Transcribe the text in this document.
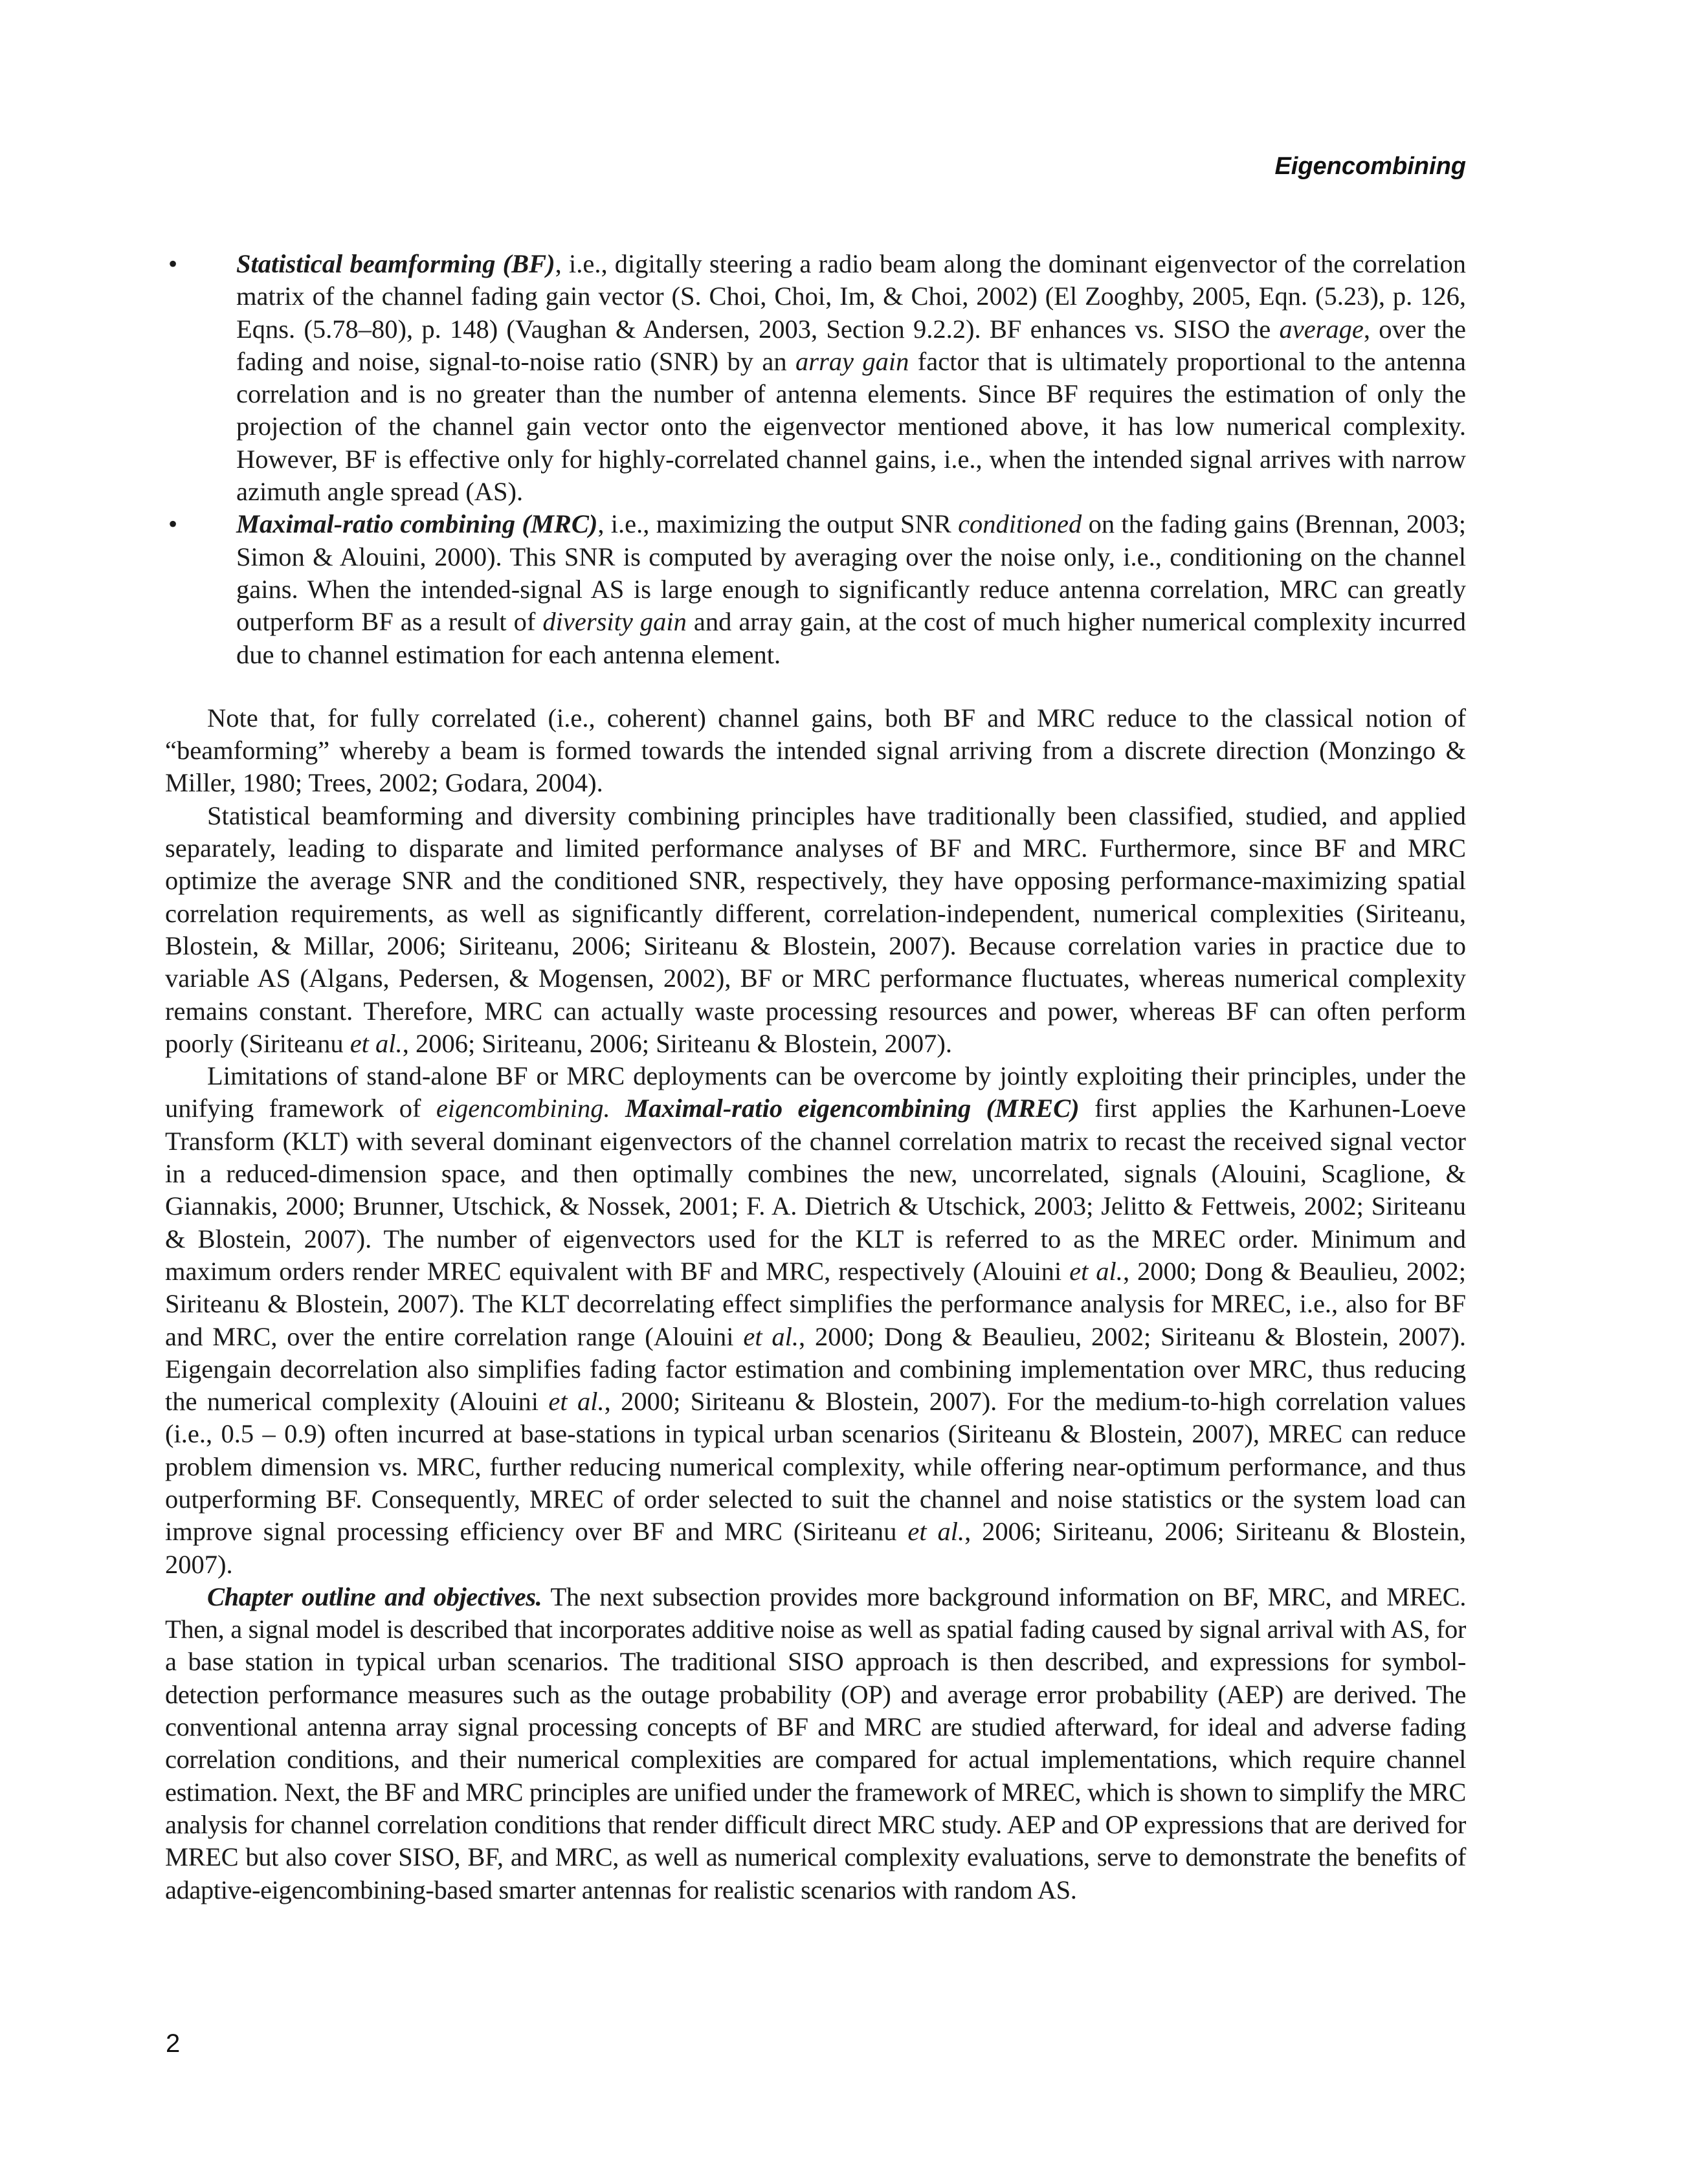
Eigencombining
• Statistical beamforming (BF), i.e., digitally steering a radio beam along the dominant eigenvector of the correlation matrix of the channel fading gain vector (S. Choi, Choi, Im, & Choi, 2002) (El Zooghby, 2005, Eqn. (5.23), p. 126, Eqns. (5.78–80), p. 148) (Vaughan & Andersen, 2003, Section 9.2.2). BF enhances vs. SISO the average, over the fading and noise, signal-to-noise ratio (SNR) by an array gain factor that is ultimately proportional to the antenna correlation and is no greater than the number of antenna elements. Since BF requires the estimation of only the projection of the channel gain vector onto the eigenvector mentioned above, it has low numerical complexity. However, BF is effective only for highly-correlated channel gains, i.e., when the intended signal arrives with narrow azimuth angle spread (AS).
• Maximal-ratio combining (MRC), i.e., maximizing the output SNR conditioned on the fading gains (Brennan, 2003; Simon & Alouini, 2000). This SNR is computed by averaging over the noise only, i.e., conditioning on the channel gains. When the intended-signal AS is large enough to significantly reduce antenna correlation, MRC can greatly outperform BF as a result of diversity gain and array gain, at the cost of much higher numerical complexity incurred due to channel estimation for each antenna element.

Note that, for fully correlated (i.e., coherent) channel gains, both BF and MRC reduce to the classical notion of “beamforming” whereby a beam is formed towards the intended signal arriving from a discrete direction (Monzingo & Miller, 1980; Trees, 2002; Godara, 2004).

Statistical beamforming and diversity combining principles have traditionally been classified, studied, and applied separately, leading to disparate and limited performance analyses of BF and MRC. Furthermore, since BF and MRC optimize the average SNR and the conditioned SNR, respectively, they have opposing performance-maximizing spatial correlation requirements, as well as significantly different, correlation-independent, numerical complexities (Siriteanu, Blostein, & Millar, 2006; Siriteanu, 2006; Siriteanu & Blostein, 2007). Because correlation varies in practice due to variable AS (Algans, Pedersen, & Mogensen, 2002), BF or MRC performance fluctuates, whereas numerical complexity remains constant. Therefore, MRC can actually waste processing resources and power, whereas BF can often perform poorly (Siriteanu et al., 2006; Siriteanu, 2006; Siriteanu & Blostein, 2007).

Limitations of stand-alone BF or MRC deployments can be overcome by jointly exploiting their principles, under the unifying framework of eigencombining. Maximal-ratio eigencombining (MREC) first applies the Karhunen-Loeve Transform (KLT) with several dominant eigenvectors of the channel correlation matrix to recast the received signal vector in a reduced-dimension space, and then optimally combines the new, uncorrelated, signals (Alouini, Scaglione, & Giannakis, 2000; Brunner, Utschick, & Nossek, 2001; F. A. Dietrich & Utschick, 2003; Jelitto & Fettweis, 2002; Siriteanu & Blostein, 2007). The number of eigenvectors used for the KLT is referred to as the MREC order. Minimum and maximum orders render MREC equivalent with BF and MRC, respectively (Alouini et al., 2000; Dong & Beaulieu, 2002; Siriteanu & Blostein, 2007). The KLT decorrelating effect simplifies the performance analysis for MREC, i.e., also for BF and MRC, over the entire correlation range (Alouini et al., 2000; Dong & Beaulieu, 2002; Siriteanu & Blostein, 2007). Eigengain decorrelation also simplifies fading factor estimation and combining implementation over MRC, thus reducing the numerical complexity (Alouini et al., 2000; Siriteanu & Blostein, 2007). For the medium-to-high correlation values (i.e., 0.5 – 0.9) often incurred at base-stations in typical urban scenarios (Siriteanu & Blostein, 2007), MREC can reduce problem dimension vs. MRC, further reducing numerical complexity, while offering near-optimum performance, and thus outperforming BF. Consequently, MREC of order selected to suit the channel and noise statistics or the system load can improve signal processing efficiency over BF and MRC (Siriteanu et al., 2006; Siriteanu, 2006; Siriteanu & Blostein, 2007).

Chapter outline and objectives. The next subsection provides more background information on BF, MRC, and MREC. Then, a signal model is described that incorporates additive noise as well as spatial fading caused by signal arrival with AS, for a base station in typical urban scenarios. The traditional SISO approach is then described, and expressions for symbol-detection performance measures such as the outage probability (OP) and average error probability (AEP) are derived. The conventional antenna array signal processing concepts of BF and MRC are studied afterward, for ideal and adverse fading correlation conditions, and their numerical complexities are compared for actual implementations, which require channel estimation. Next, the BF and MRC principles are unified under the framework of MREC, which is shown to simplify the MRC analysis for channel correlation conditions that render difficult direct MRC study. AEP and OP expressions that are derived for MREC but also cover SISO, BF, and MRC, as well as numerical complexity evaluations, serve to demonstrate the benefits of adaptive-eigencombining-based smarter antennas for realistic scenarios with random AS.

2
